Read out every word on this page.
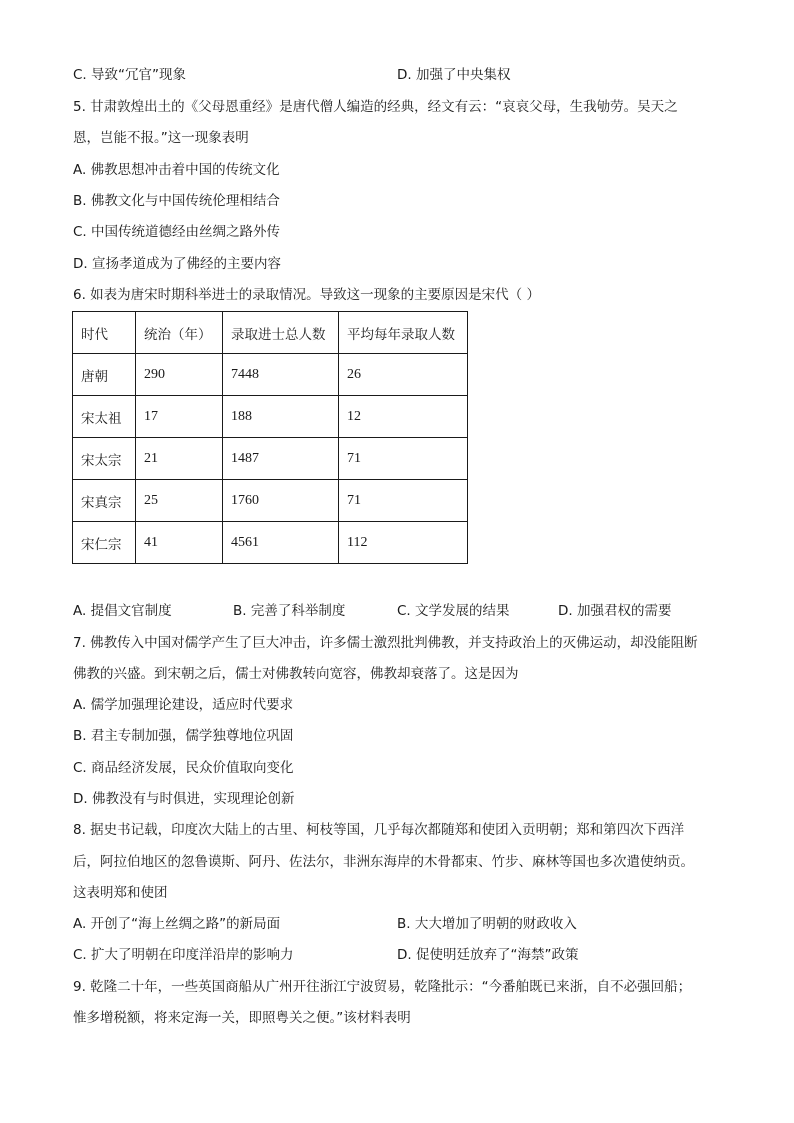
C. 导致“冗官”现象	D. 加强了中央集权
5. 甘肃敦煌出土的《父母恩重经》是唐代僧人编造的经典，经文有云：“哀哀父母，生我劬劳。吴天之
恩，岂能不报。”这一现象表明
A. 佛教思想冲击着中国的传统文化
B. 佛教文化与中国传统伦理相结合
C. 中国传统道德经由丝绸之路外传
D. 宣扬孝道成为了佛经的主要内容
6. 如表为唐宋时期科举进士的录取情况。导致这一现象的主要原因是宋代（ ）
时代	统治（年）	录取进士总人数	平均每年录取人数
唐朝	290	7448	26
宋太祖	17	188	12
宋太宗	21	1487	71
宋真宗	25	1760	71
宋仁宗	41	4561	112
A. 提倡文官制度	B. 完善了科举制度	C. 文学发展的结果	D. 加强君权的需要
7. 佛教传入中国对儒学产生了巨大冲击，许多儒士激烈批判佛教，并支持政治上的灭佛运动，却没能阻断
佛教的兴盛。到宋朝之后，儒士对佛教转向宽容，佛教却衰落了。这是因为
A. 儒学加强理论建设，适应时代要求
B. 君主专制加强，儒学独尊地位巩固
C. 商品经济发展，民众价值取向变化
D. 佛教没有与时俱进，实现理论创新
8. 据史书记载，印度次大陆上的古里、柯枝等国，几乎每次都随郑和使团入贡明朝；郑和第四次下西洋
后，阿拉伯地区的忽鲁谟斯、阿丹、佐法尔，非洲东海岸的木骨都束、竹步、麻林等国也多次遣使纳贡。
这表明郑和使团
A. 开创了“海上丝绸之路”的新局面	B. 大大增加了明朝的财政收入
C. 扩大了明朝在印度洋沿岸的影响力	D. 促使明廷放弃了“海禁”政策
9. 乾隆二十年，一些英国商船从广州开往浙江宁波贸易，乾隆批示：“今番舶既已来浙，自不必强回船；
惟多增税额，将来定海一关，即照粤关之便。”该材料表明
